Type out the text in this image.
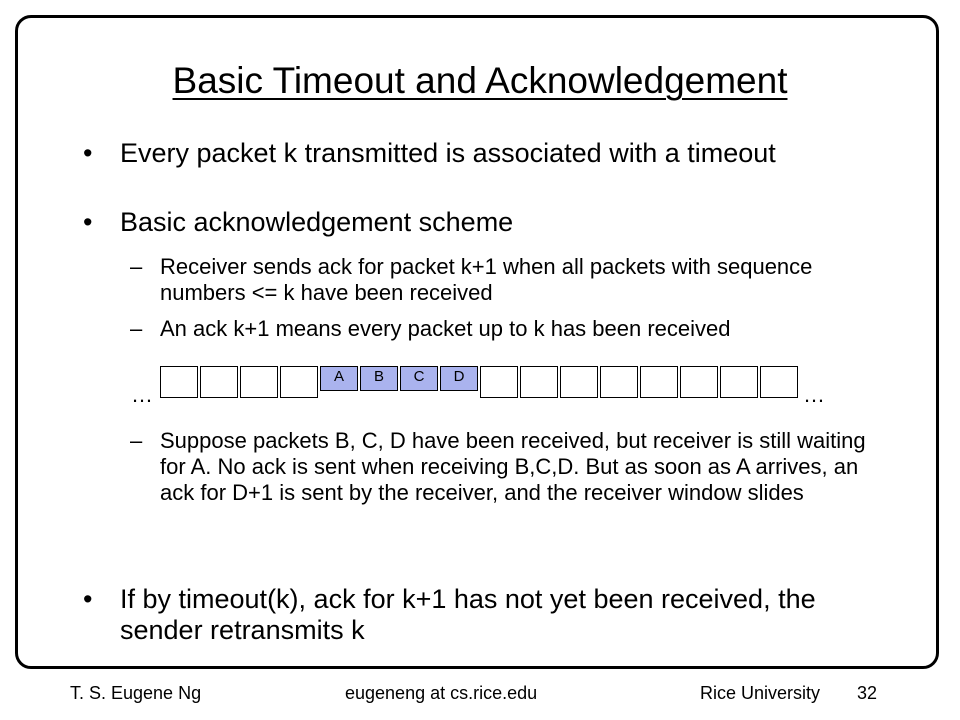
Basic Timeout and Acknowledgement
• Every packet k transmitted is associated with a timeout
• Basic acknowledgement scheme
– Receiver sends ack for packet k+1 when all packets with sequence numbers <= k have been received
– An ack k+1 means every packet up to k has been received
…
A	B	C	D
…
– Suppose packets B, C, D have been received, but receiver is still waiting for A. No ack is sent when receiving B,C,D. But as soon as A arrives, an ack for D+1 is sent by the receiver, and the receiver window slides
• If by timeout(k), ack for k+1 has not yet been received, the sender retransmits k
T. S. Eugene Ng	eugeneng at cs.rice.edu	Rice University 32
